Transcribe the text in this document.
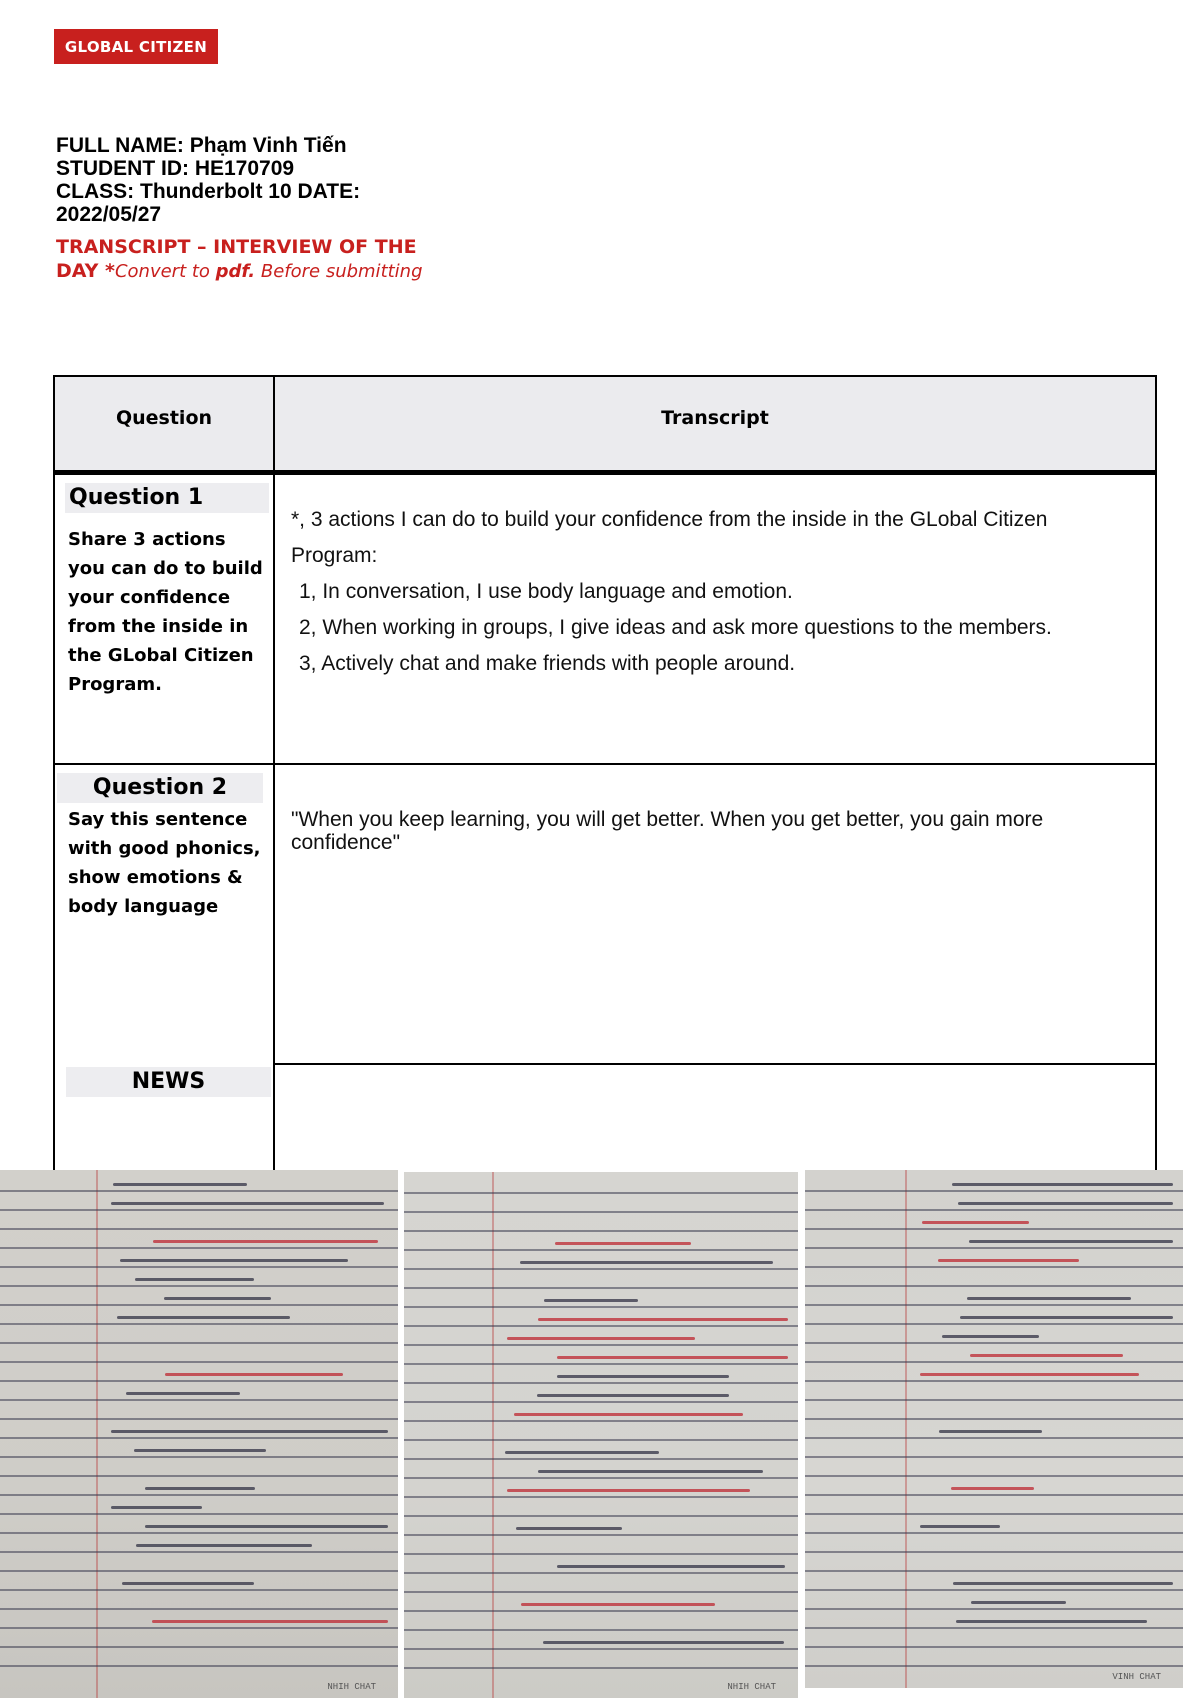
GLOBAL CITIZEN
FULL NAME: Phạm Vinh Tiến
STUDENT ID: HE170709
CLASS: Thunderbolt 10 DATE:
2022/05/27
TRANSCRIPT – INTERVIEW OF THE DAY *Convert to pdf. Before submitting
Question	Transcript
Question 1
Share 3 actions you can do to build your confidence from the inside in the GLobal Citizen Program.

*, 3 actions I can do to build your confidence from the inside in the GLobal Citizen Program:

1, In conversation, I use body language and emotion.

2, When working in groups, I give ideas and ask more questions to the members.

3, Actively chat and make friends with people around.

Question 2
Say this sentence with good phonics, show emotions & body language

"When you keep learning, you will get better. When you get better, you gain more confidence"

NEWS
NHIH CHAT	NHIH CHAT
VINH CHAT
